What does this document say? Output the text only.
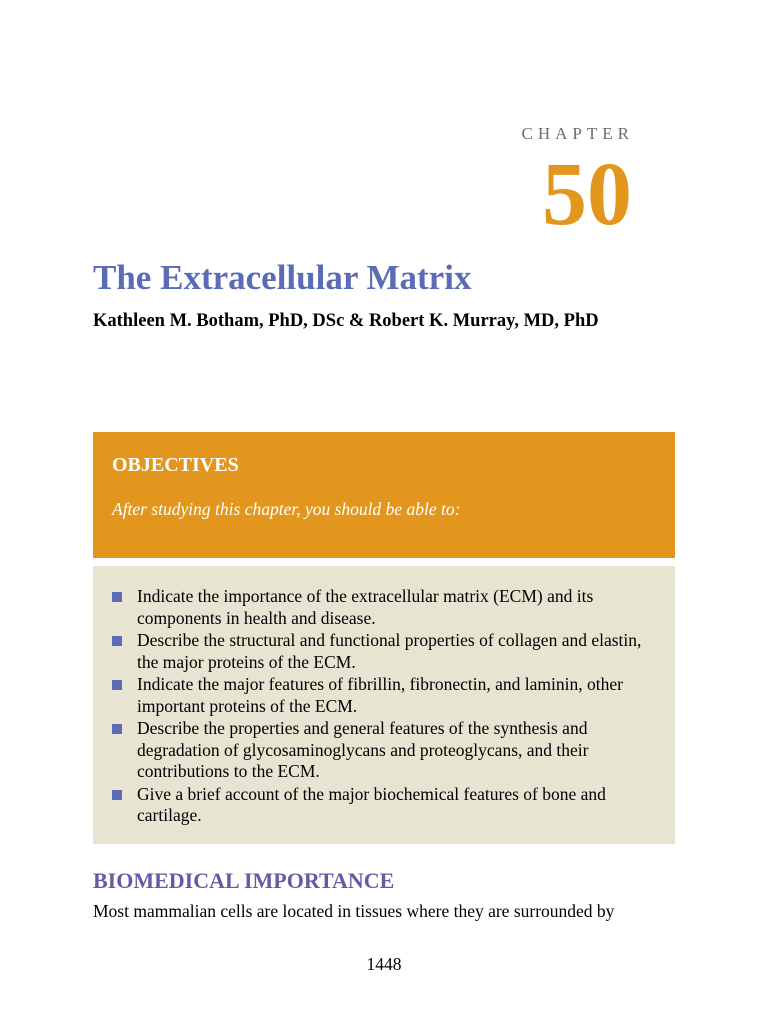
CHAPTER
50
The Extracellular Matrix

Kathleen M. Botham, PhD, DSc & Robert K. Murray, MD, PhD

OBJECTIVES
After studying this chapter, you should be able to:
Indicate the importance of the extracellular matrix (ECM) and its components in health and disease.
Describe the structural and functional properties of collagen and elastin, the major proteins of the ECM.
Indicate the major features of fibrillin, fibronectin, and laminin, other important proteins of the ECM.
Describe the properties and general features of the synthesis and degradation of glycosaminoglycans and proteoglycans, and their contributions to the ECM.
Give a brief account of the major biochemical features of bone and cartilage.
BIOMEDICAL IMPORTANCE

Most mammalian cells are located in tissues where they are surrounded by

1448
